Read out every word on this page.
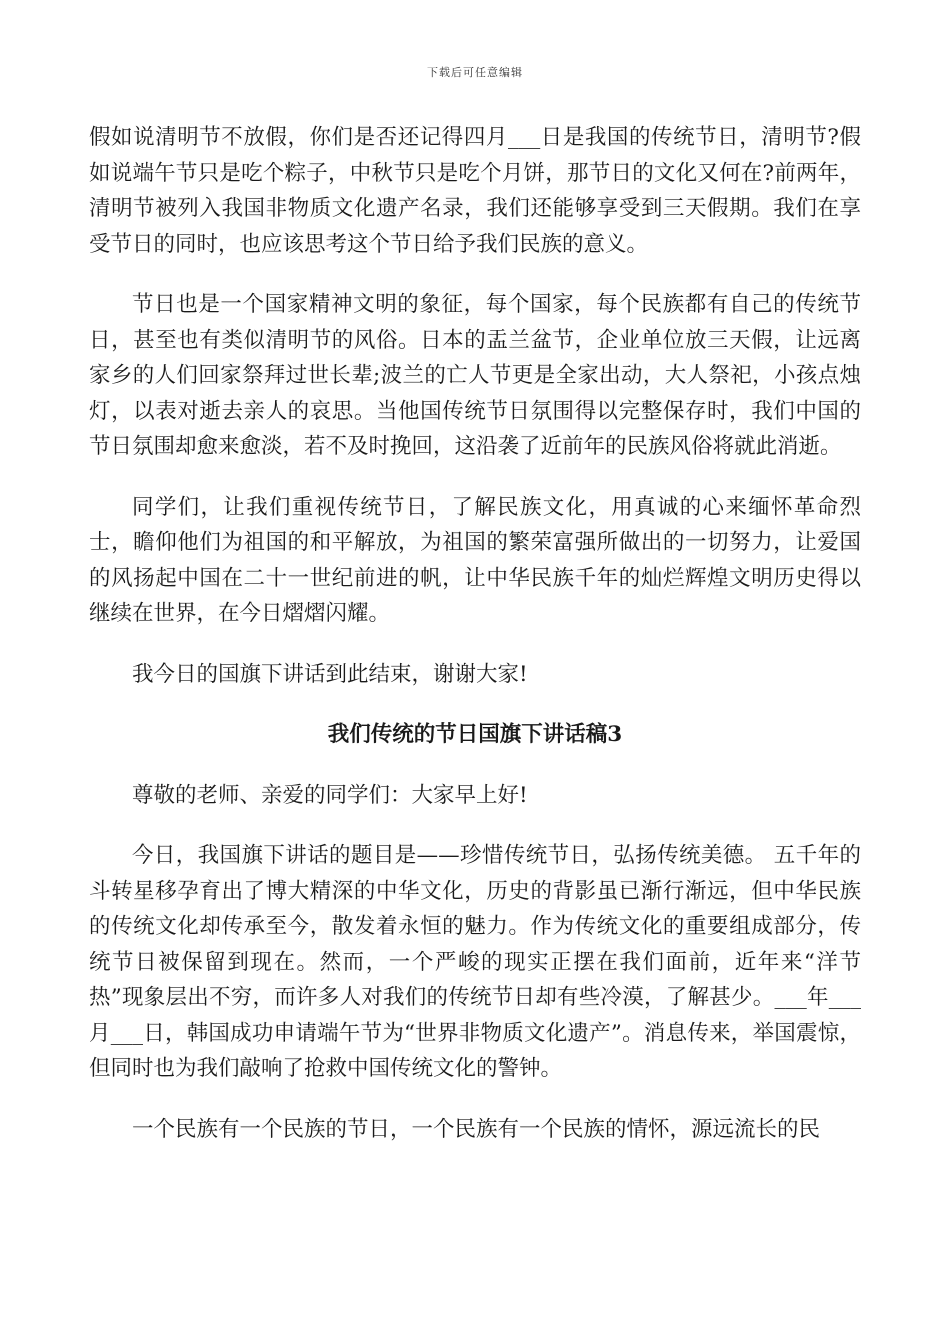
下载后可任意编辑

假如说清明节不放假，你们是否还记得四月___日是我国的传统节日，清明节?假如说端午节只是吃个粽子，中秋节只是吃个月饼，那节日的文化又何在?前两年，清明节被列入我国非物质文化遗产名录，我们还能够享受到三天假期。我们在享受节日的同时，也应该思考这个节日给予我们民族的意义。

节日也是一个国家精神文明的象征，每个国家，每个民族都有自己的传统节日，甚至也有类似清明节的风俗。日本的盂兰盆节，企业单位放三天假，让远离家乡的人们回家祭拜过世长辈;波兰的亡人节更是全家出动，大人祭祀，小孩点烛灯，以表对逝去亲人的哀思。当他国传统节日氛围得以完整保存时，我们中国的节日氛围却愈来愈淡，若不及时挽回，这沿袭了近前年的民族风俗将就此消逝。

同学们，让我们重视传统节日，了解民族文化，用真诚的心来缅怀革命烈士，瞻仰他们为祖国的和平解放，为祖国的繁荣富强所做出的一切努力，让爱国的风扬起中国在二十一世纪前进的帆，让中华民族千年的灿烂辉煌文明历史得以继续在世界，在今日熠熠闪耀。

我今日的国旗下讲话到此结束，谢谢大家!

我们传统的节日国旗下讲话稿3

尊敬的老师、亲爱的同学们：大家早上好!

今日，我国旗下讲话的题目是——珍惜传统节日，弘扬传统美德。 五千年的斗转星移孕育出了博大精深的中华文化，历史的背影虽已渐行渐远，但中华民族的传统文化却传承至今，散发着永恒的魅力。作为传统文化的重要组成部分，传统节日被保留到现在。然而，一个严峻的现实正摆在我们面前，近年来“洋节热”现象层出不穷，而许多人对我们的传统节日却有些冷漠，了解甚少。___年___月___日，韩国成功申请端午节为“世界非物质文化遗产”。消息传来，举国震惊，但同时也为我们敲响了抢救中国传统文化的警钟。

一个民族有一个民族的节日，一个民族有一个民族的情怀，源远流长的民
